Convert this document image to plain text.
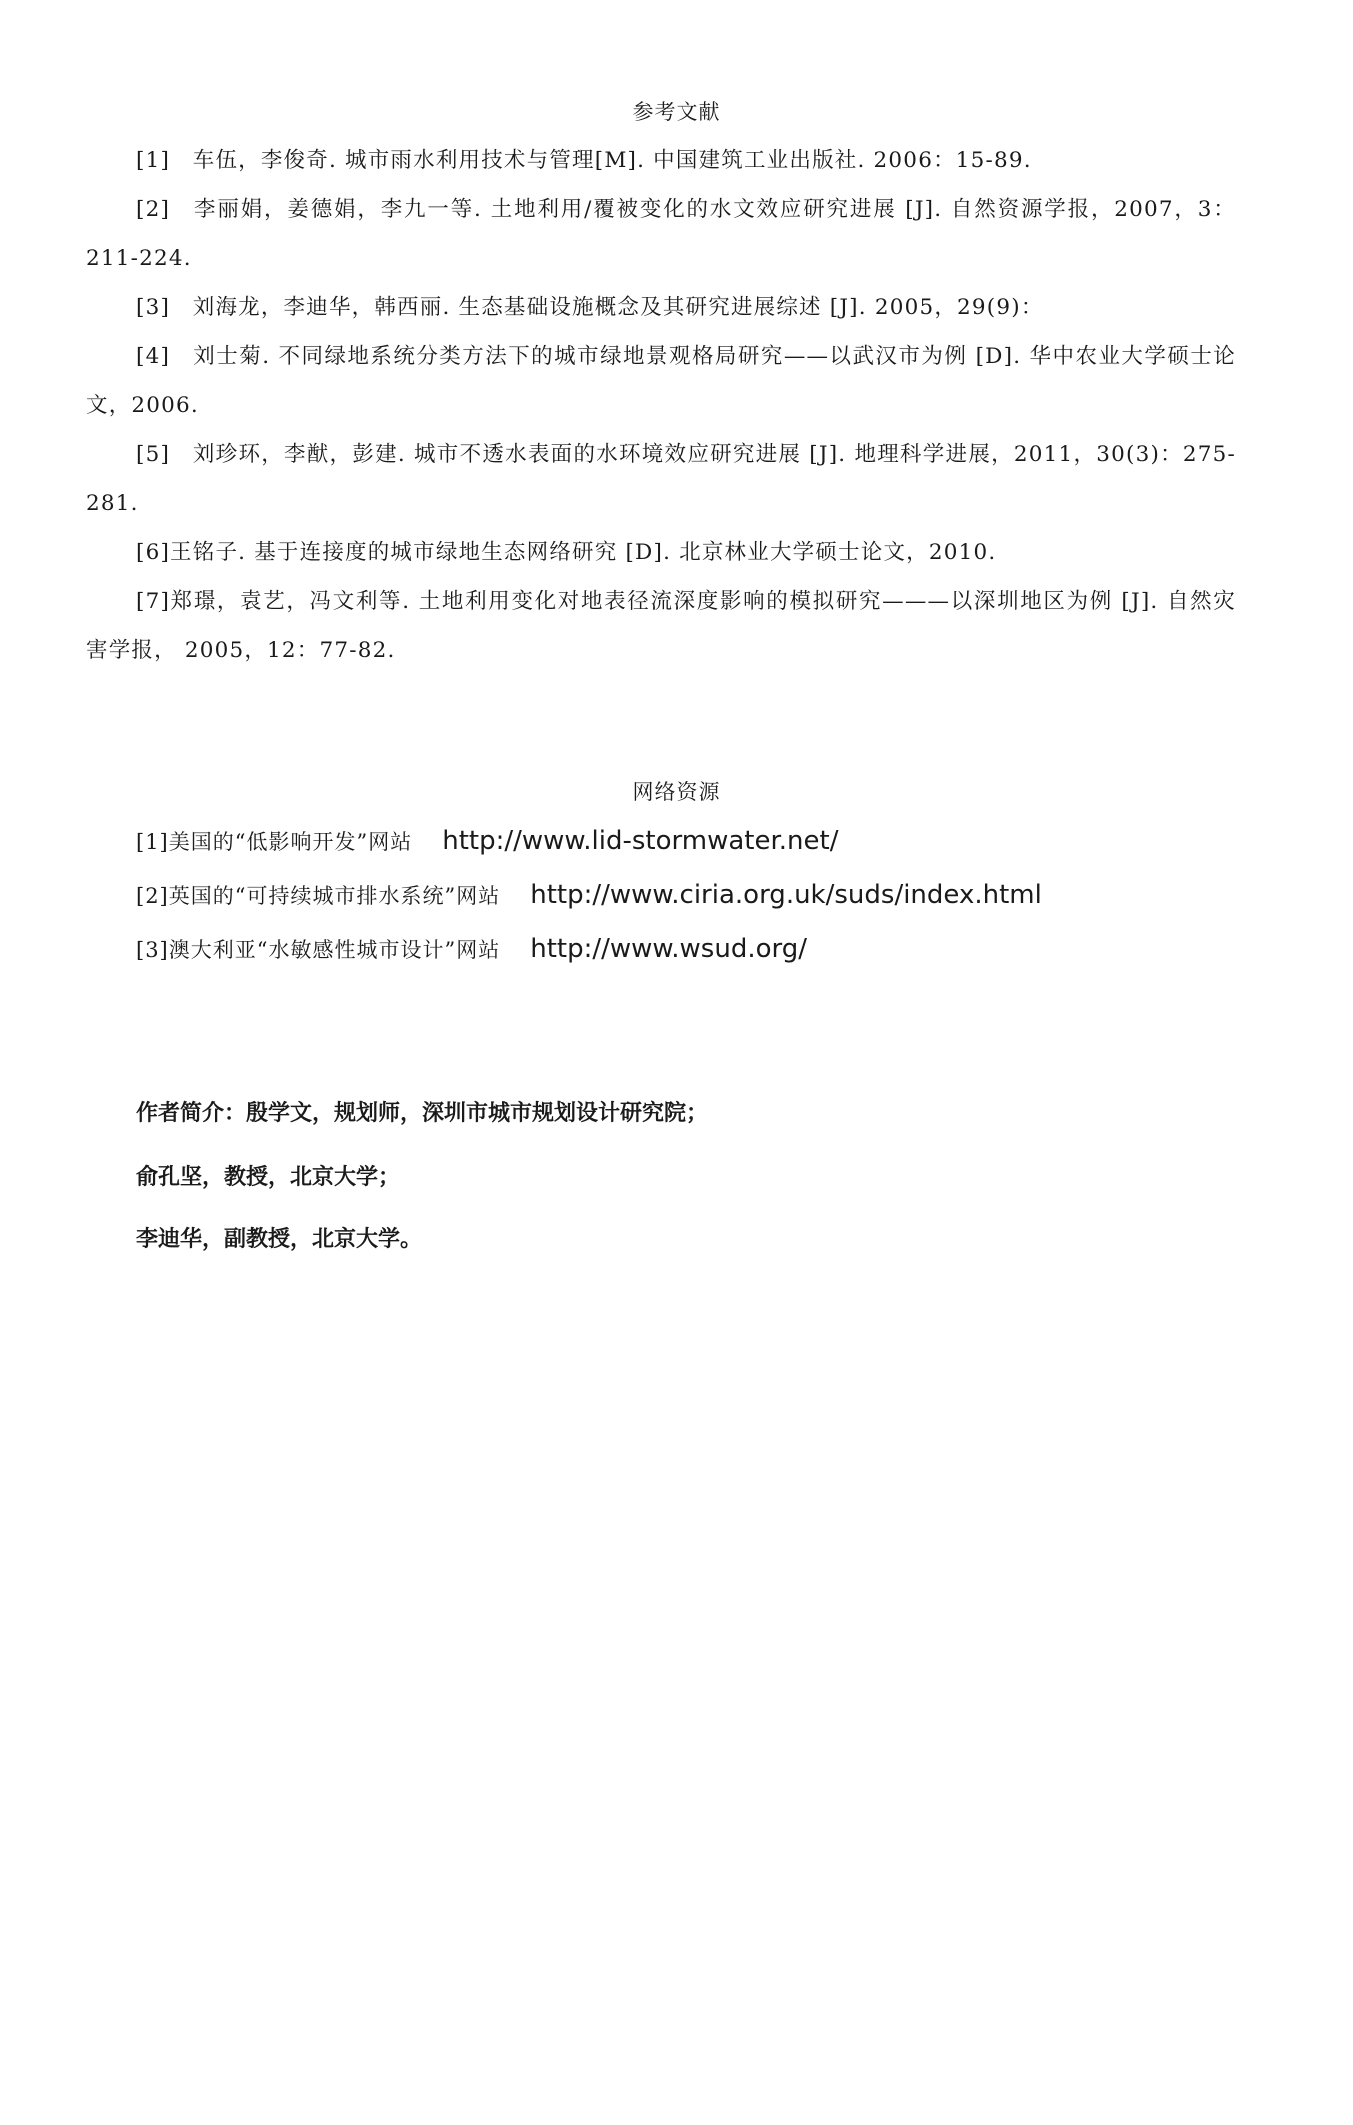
参考文献
[1]　车伍，李俊奇. 城市雨水利用技术与管理[M]. 中国建筑工业出版社. 2006：15-89.
[2]　李丽娟，姜德娟，李九一等. 土地利用/覆被变化的水文效应研究进展 [J]. 自然资源学报，2007，3：211-224.
[3]　刘海龙，李迪华，韩西丽. 生态基础设施概念及其研究进展综述 [J]. 2005，29(9)：
[4]　刘士菊. 不同绿地系统分类方法下的城市绿地景观格局研究——以武汉市为例 [D]. 华中农业大学硕士论文，2006.
[5]　刘珍环，李猷，彭建. 城市不透水表面的水环境效应研究进展 [J]. 地理科学进展，2011，30(3)：275-281.
[6]王铭子. 基于连接度的城市绿地生态网络研究 [D]. 北京林业大学硕士论文，2010.
[7]郑璟，袁艺，冯文利等. 土地利用变化对地表径流深度影响的模拟研究———以深圳地区为例 [J]. 自然灾害学报， 2005，12：77-82.
网络资源
[1]美国的“低影响开发”网站 http://www.lid-stormwater.net/
[2]英国的“可持续城市排水系统”网站 http://www.ciria.org.uk/suds/index.html
[3]澳大利亚“水敏感性城市设计”网站 http://www.wsud.org/
作者简介：殷学文，规划师，深圳市城市规划设计研究院；
俞孔坚，教授，北京大学；
李迪华，副教授，北京大学。
